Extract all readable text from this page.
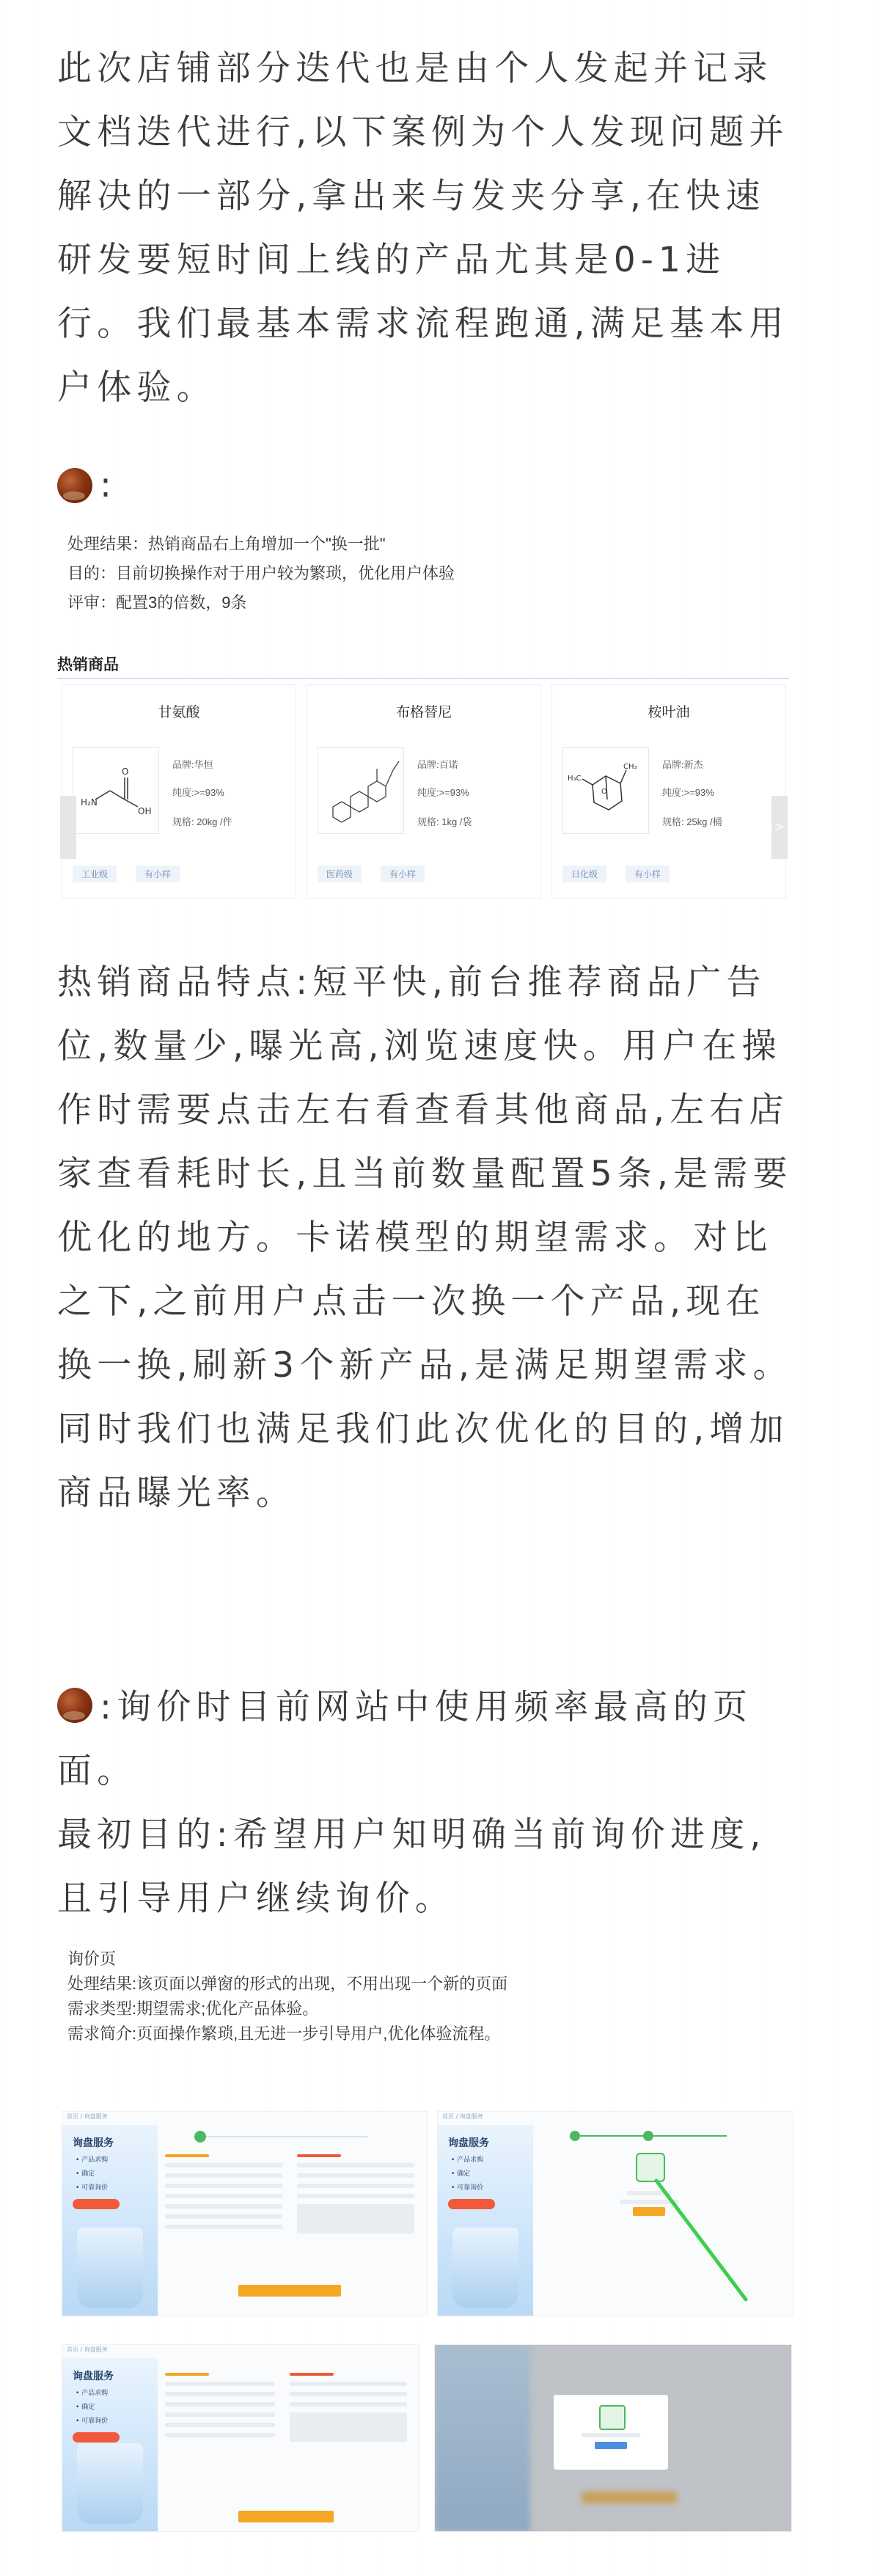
此次店铺部分迭代也是由个人发起并记录文档迭代进行,以下案例为个人发现问题并解决的一部分,拿出来与发夹分享,在快速研发要短时间上线的产品尤其是0-1进行。我们最基本需求流程跑通,满足基本用户体验。

:

处理结果：热销商品右上角增加一个"换一批"

目的：目前切换操作对于用户较为繁琐，优化用户体验

评审：配置3的倍数，9条

热销商品

甘氨酸
H₂N
O
OH
品牌:华恒
纯度:>=93%
规格: 20kg /件
工业级	有小样
布格替尼
品牌:百诺
纯度:>=93%
规格: 1kg /袋
医药级	有小样
桉叶油
CH₃
H₃C
O
品牌:新杰
纯度:>=93%
规格: 25kg /桶
日化级	有小样
>

热销商品特点:短平快,前台推荐商品广告位,数量少,曝光高,浏览速度快。用户在操作时需要点击左右看查看其他商品,左右店家查看耗时长,且当前数量配置5条,是需要优化的地方。卡诺模型的期望需求。对比之下,之前用户点击一次换一个产品,现在换一换,刷新3个新产品,是满足期望需求。同时我们也满足我们此次优化的目的,增加商品曝光率。

:询价时目前网站中使用频率最高的页面。

最初目的:希望用户知明确当前询价进度,且引导用户继续询价。

询价页

处理结果:该页面以弹窗的形式的出现，不用出现一个新的页面

需求类型:期望需求;优化产品体验。

需求简介:页面操作繁琐,且无进一步引导用户,优化体验流程。

首页 / 询盘服务
询盘服务
• 产品求购
• 确定
• 可靠询价
首页 / 询盘服务
询盘服务
• 产品求购
• 确定
• 可靠询价
首页 / 询盘服务
询盘服务
• 产品求购
• 确定
• 可靠询价
